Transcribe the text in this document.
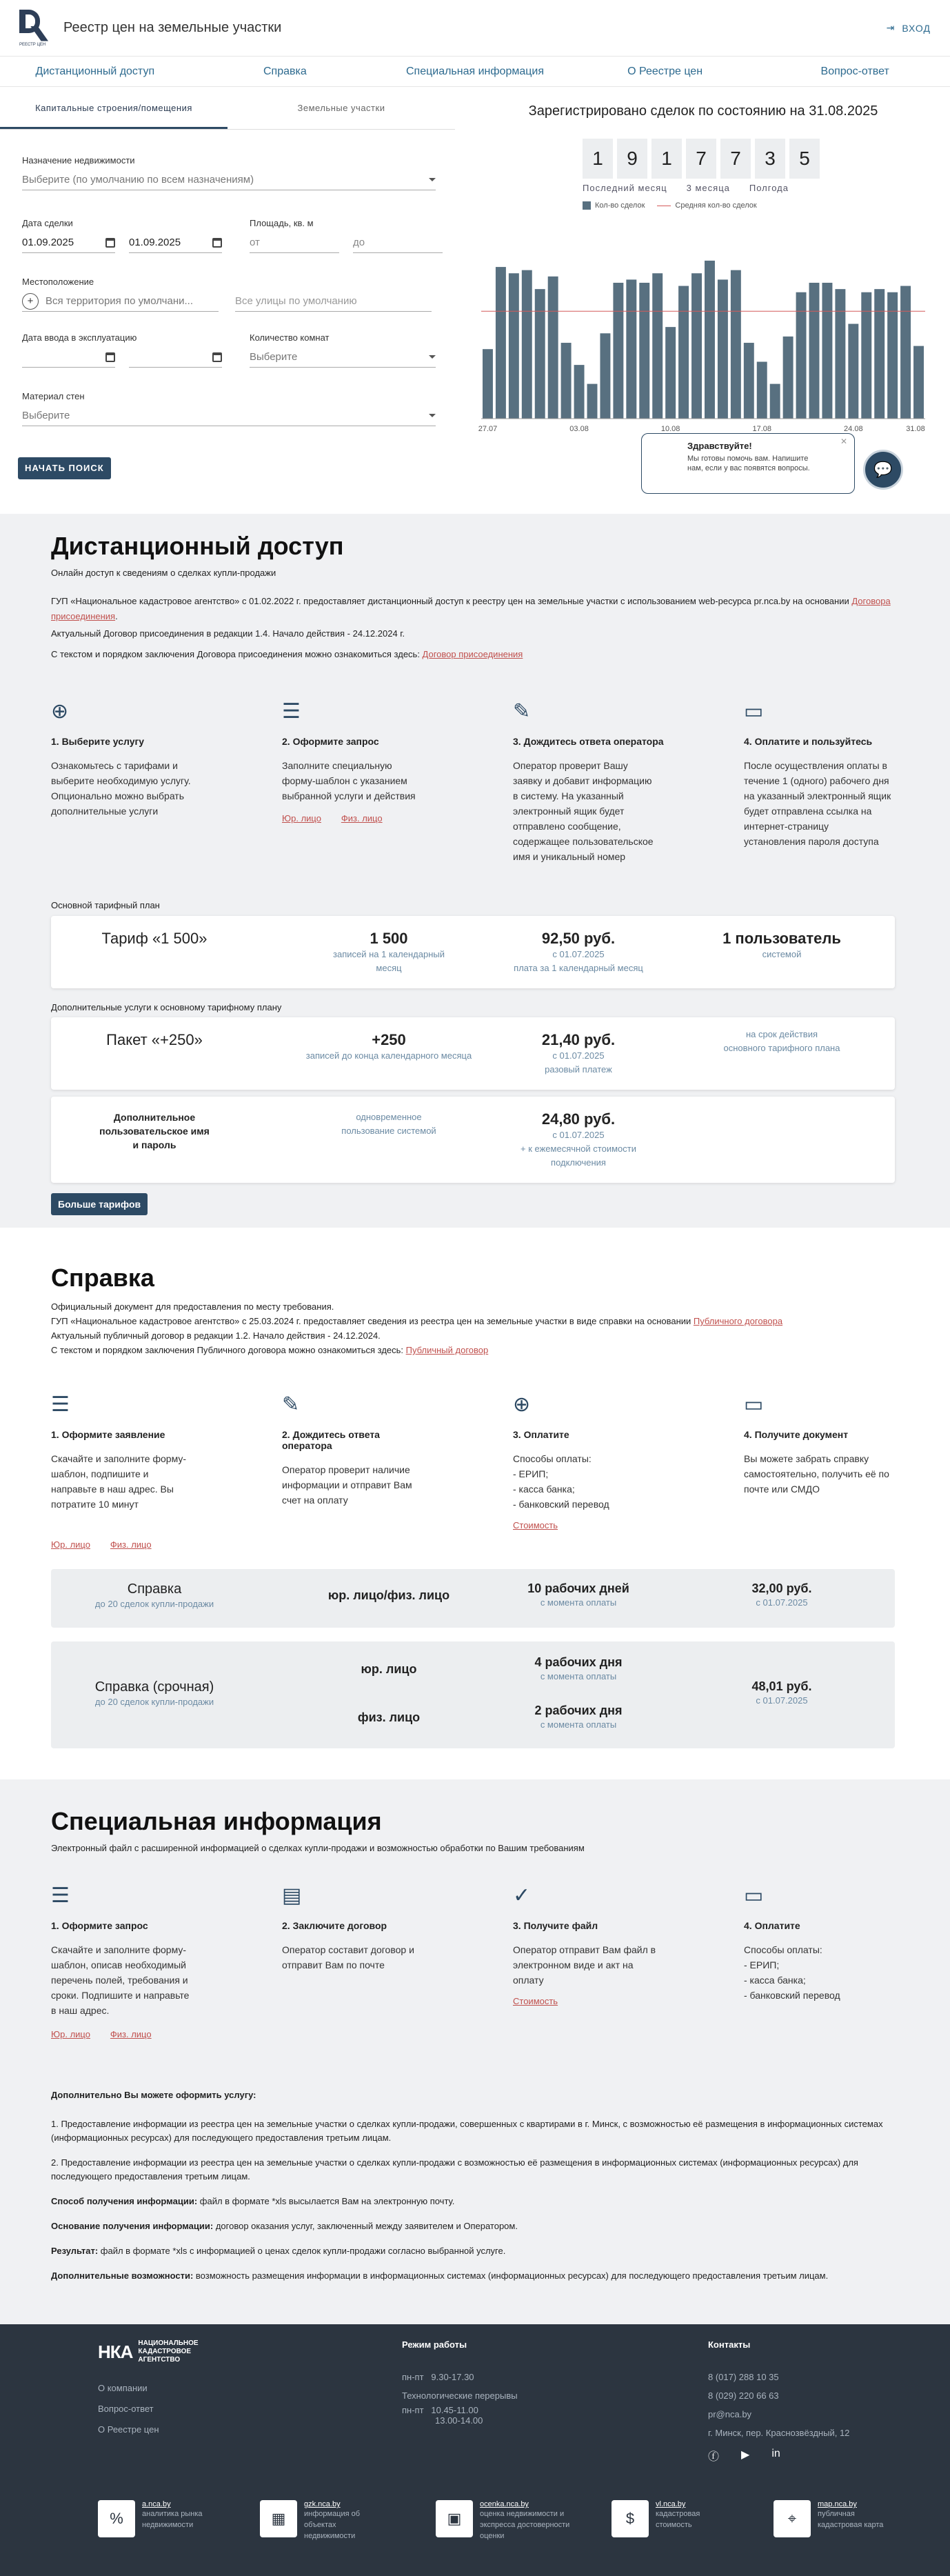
РЕЕСТР ЦЕН
Реестр цен на земельные участки	⇥ ВХОД
Дистанционный доступ	Справка	Специальная информация	О Реестре цен	Вопрос-ответ
Капитальные строения/помещения	Земельные участки
Назначение недвижимости
Выберите (по умолчанию по всем назначениям)
Дата сделки
01.09.2025	01.09.2025
Площадь, кв. м
от	до
Местоположение
+	Вся территория по умолчани...	Все улицы по умолчанию
Дата ввода в эксплуатацию	Количество комнат
Выберите
Материал стен
Выберите
НАЧАТЬ ПОИСК
Зарегистрировано сделок по состоянию на 31.08.2025
1	9	1	7	7	3	5
Последний месяц 3 месяца Полгода
Кол-во сделок	Средняя кол-во сделок
27.07	03.08	10.08	17.08	24.08	31.08
Здравствуйте!
Мы готовы помочь вам. Напишите нам, если у вас появятся вопросы.
✕
💬
Дистанционный доступ
Онлайн доступ к сведениям о сделках купли-продажи
ГУП «Национальное кадастровое агентство» с 01.02.2022 г. предоставляет дистанционный доступ к реестру цен на земельные участки с использованием web-ресурса pr.nca.by на основании Договора присоединения.
Актуальный Договор присоединения в редакции 1.4. Начало действия - 24.12.2024 г.
С текстом и порядком заключения Договора присоединения можно ознакомиться здесь: Договор присоединения
⊕
1. Выберите услугу
Ознакомьтесь с тарифами и выберите необходимую услугу. Опционально можно выбрать дополнительные услуги
☰
2. Оформите запрос
Заполните специальную форму-шаблон с указанием выбранной услуги и действия
Юр. лицо Физ. лицо
✎
3. Дождитесь ответа оператора
Оператор проверит Вашу заявку и добавит информацию в систему. На указанный электронный ящик будет отправлено сообщение, содержащее пользовательское имя и уникальный номер
▭
4. Оплатите и пользуйтесь
После осуществления оплаты в течение 1 (одного) рабочего дня на указанный электронный ящик будет отправлена ссылка на интернет-страницу установления пароля доступа
Основной тарифный план
Тариф «1 500»	1 500
записей на 1 календарный месяц
92,50 руб.
с 01.07.2025
плата за 1 календарный месяц
1 пользователь
системой
Дополнительные услуги к основному тарифному плану
Пакет «+250»	+250
записей до конца календарного месяца
21,40 руб.
с 01.07.2025
разовый платеж
на срок действия
основного тарифного плана
Дополнительное пользовательское имя и пароль
одновременное
пользование системой
24,80 руб.
с 01.07.2025
+ к ежемесячной стоимости
подключения
Больше тарифов
Справка
Официальный документ для предоставления по месту требования.
ГУП «Национальное кадастровое агентство» с 25.03.2024 г. предоставляет сведения из реестра цен на земельные участки в виде справки на основании Публичного договора
Актуальный публичный договор в редакции 1.2. Начало действия - 24.12.2024.
С текстом и порядком заключения Публичного договора можно ознакомиться здесь: Публичный договор
☰
1. Оформите заявление
Скачайте и заполните форму-шаблон, подпишите и направьте в наш адрес. Вы потратите 10 минут
Юр. лицо Физ. лицо
✎
2. Дождитесь ответа оператора
Оператор проверит наличие информации и отправит Вам счет на оплату
⊕
3. Оплатите
Способы оплаты:
- ЕРИП;
- касса банка;
- банковский перевод
Стоимость
▭
4. Получите документ
Вы можете забрать справку самостоятельно, получить её по почте или СМДО
Справка
до 20 сделок купли-продажи
юр. лицо/физ. лицо	10 рабочих дней
с момента оплаты
32,00 руб.
с 01.07.2025
Справка (срочная)
до 20 сделок купли-продажи
юр. лицо
физ. лицо
4 рабочих дня
с момента оплаты
2 рабочих дня
с момента оплаты
48,01 руб.
с 01.07.2025
Специальная информация
Электронный файл с расширенной информацией о сделках купли-продажи и возможностью обработки по Вашим требованиям
☰
1. Оформите запрос
Скачайте и заполните форму-шаблон, описав необходимый перечень полей, требования и сроки. Подпишите и направьте в наш адрес.
Юр. лицо Физ. лицо
▤
2. Заключите договор
Оператор составит договор и отправит Вам по почте
✓
3. Получите файл
Оператор отправит Вам файл в электронном виде и акт на оплату
Стоимость
▭
4. Оплатите
Способы оплаты:
- ЕРИП;
- касса банка;
- банковский перевод
Дополнительно Вы можете оформить услугу:
1. Предоставление информации из реестра цен на земельные участки о сделках купли-продажи, совершенных с квартирами в г. Минск, с возможностью её размещения в информационных системах (информационных ресурсах) для последующего предоставления третьим лицам.
2. Предоставление информации из реестра цен на земельные участки о сделках купли-продажи с возможностью её размещения в информационных системах (информационных ресурсах) для последующего предоставления третьим лицам.
Способ получения информации: файл в формате *xls высылается Вам на электронную почту.
Основание получения информации: договор оказания услуг, заключенный между заявителем и Оператором.
Результат: файл в формате *xls с информацией о ценах сделок купли-продажи согласно выбранной услуге.
Дополнительные возможности: возможность размещения информации в информационных системах (информационных ресурсах) для последующего предоставления третьим лицам.
НКА НАЦИОНАЛЬНОЕ КАДАСТРОВОЕ АГЕНТСТВО
О компании
Вопрос-ответ
О Реестре цен
Режим работы
пн-пт   9.30-17.30
Технологические перерывы
пн-пт   10.45-11.00
13.00-14.00
Контакты
8 (017) 288 10 35
8 (029) 220 66 63
pr@nca.by
г. Минск, пер. Краснозвёздный, 12
ⓕ ▶ in
%
a.nca.by
аналитика рынка недвижимости	▦
gzk.nca.by
информация об объектах недвижимости
▣
ocenka.nca.by
оценка недвижимости и экспресса достоверности оценки
$
vl.nca.by
кадастровая стоимость	⌖
map.nca.by
публичная кадастровая карта
